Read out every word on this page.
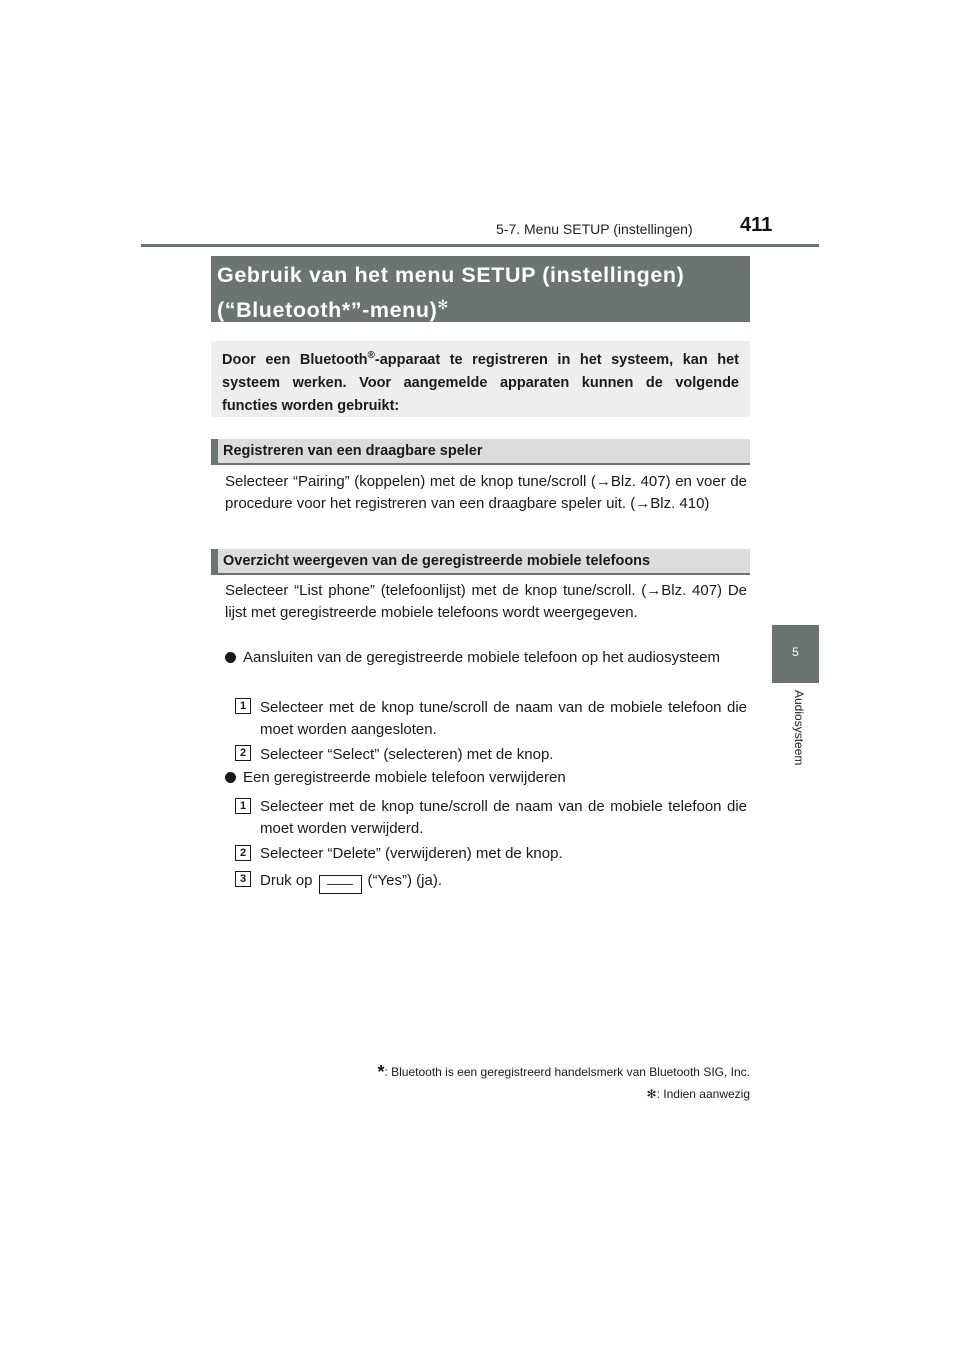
5-7. Menu SETUP (instellingen) 411
5
Audiosysteem
Gebruik van het menu SETUP (instellingen)
(“Bluetooth*”-menu)✻
Door een Bluetooth®-apparaat te registreren in het systeem, kan het systeem werken. Voor aangemelde apparaten kunnen de volgende functies worden gebruikt:
Registreren van een draagbare speler
Selecteer “Pairing” (koppelen) met de knop tune/scroll (→Blz. 407) en voer de procedure voor het registreren van een draagbare speler uit. (→Blz. 410)
Overzicht weergeven van de geregistreerde mobiele telefoons
Selecteer “List phone” (telefoonlijst) met de knop tune/scroll. (→Blz. 407) De lijst met geregistreerde mobiele telefoons wordt weergegeven.
Aansluiten van de geregistreerde mobiele telefoon op het audiosysteem
1 Selecteer met de knop tune/scroll de naam van de mobiele telefoon die moet worden aangesloten.
2 Selecteer “Select” (selecteren) met de knop.
Een geregistreerde mobiele telefoon verwijderen
1 Selecteer met de knop tune/scroll de naam van de mobiele telefoon die moet worden verwijderd.
2 Selecteer “Delete” (verwijderen) met de knop.
3 Druk op —— (“Yes”) (ja).
*: Bluetooth is een geregistreerd handelsmerk van Bluetooth SIG, Inc.
✻: Indien aanwezig
